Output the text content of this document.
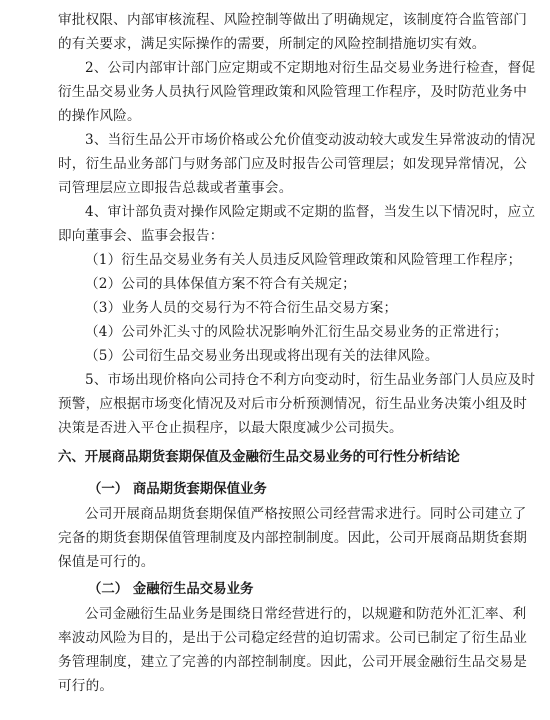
审批权限、内部审核流程、风险控制等做出了明确规定，该制度符合监管部门

的有关要求，满足实际操作的需要，所制定的风险控制措施切实有效。

2、公司内部审计部门应定期或不定期地对衍生品交易业务进行检查，督促

衍生品交易业务人员执行风险管理政策和风险管理工作程序，及时防范业务中

的操作风险。

3、当衍生品公开市场价格或公允价值变动波动较大或发生异常波动的情况

时，衍生品业务部门与财务部门应及时报告公司管理层；如发现异常情况，公

司管理层应立即报告总裁或者董事会。

4、审计部负责对操作风险定期或不定期的监督，当发生以下情况时，应立

即向董事会、监事会报告：

（1）衍生品交易业务有关人员违反风险管理政策和风险管理工作程序；

（2）公司的具体保值方案不符合有关规定；

（3）业务人员的交易行为不符合衍生品交易方案；

（4）公司外汇头寸的风险状况影响外汇衍生品交易业务的正常进行；

（5）公司衍生品交易业务出现或将出现有关的法律风险。

5、市场出现价格向公司持仓不利方向变动时，衍生品业务部门人员应及时

预警，应根据市场变化情况及对后市分析预测情况，衍生品业务决策小组及时

决策是否进入平仓止损程序，以最大限度减少公司损失。

六、开展商品期货套期保值及金融衍生品交易业务的可行性分析结论

（一） 商品期货套期保值业务

公司开展商品期货套期保值严格按照公司经营需求进行。同时公司建立了

完备的期货套期保值管理制度及内部控制制度。因此，公司开展商品期货套期

保值是可行的。

（二） 金融衍生品交易业务

公司金融衍生品业务是围绕日常经营进行的，以规避和防范外汇汇率、利

率波动风险为目的，是出于公司稳定经营的迫切需求。公司已制定了衍生品业

务管理制度，建立了完善的内部控制制度。因此，公司开展金融衍生品交易是

可行的。
